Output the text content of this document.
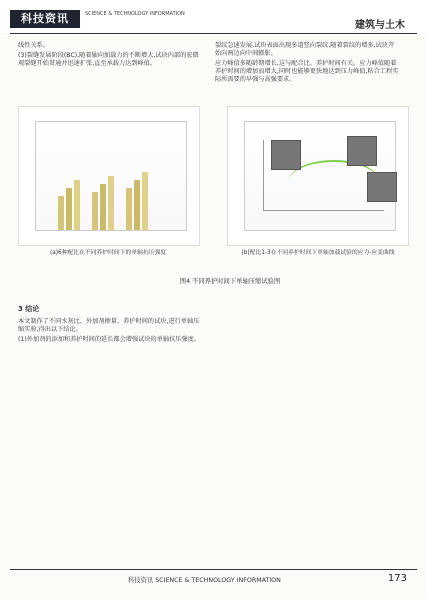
科技资讯	SCIENCE & TECHNOLOGY INFORMATION
建筑与土木

线性关系。

(3)裂缝发展阶段(BC),随着轴向加载力的不断增大,试块内部的宏微观裂缝开始贯通并迅速扩张,直至承载力达到峰值。

裂纹急速发展,试块表面出现多道竖向裂纹,随着裂纹的增多,试块开始向两边向中间膨胀。

应力峰值多随龄期增长,这与配合比、养护时间有关。应力峰值随着养护时间的增加而增大,同时也能够更快地达到压力峰值,粘合工程实际所需要的早强与高强要求。

(a)6种配比在不同养护时间下的单轴抗压强度	(b)配比1-3在不同养护时间下单轴加载试验的应力-应变曲线
图4 不同养护时间下单轴压缩试验图
3 结论

本文制作了不同水灰比、外加剂掺量、养护时间的试块,进行单轴压缩实验,得出以下结论。

(1)外加剂的添加和养护时间的延长都会增强试块的单轴抗压强度。

科技资讯 SCIENCE & TECHNOLOGY INFORMATION	173
